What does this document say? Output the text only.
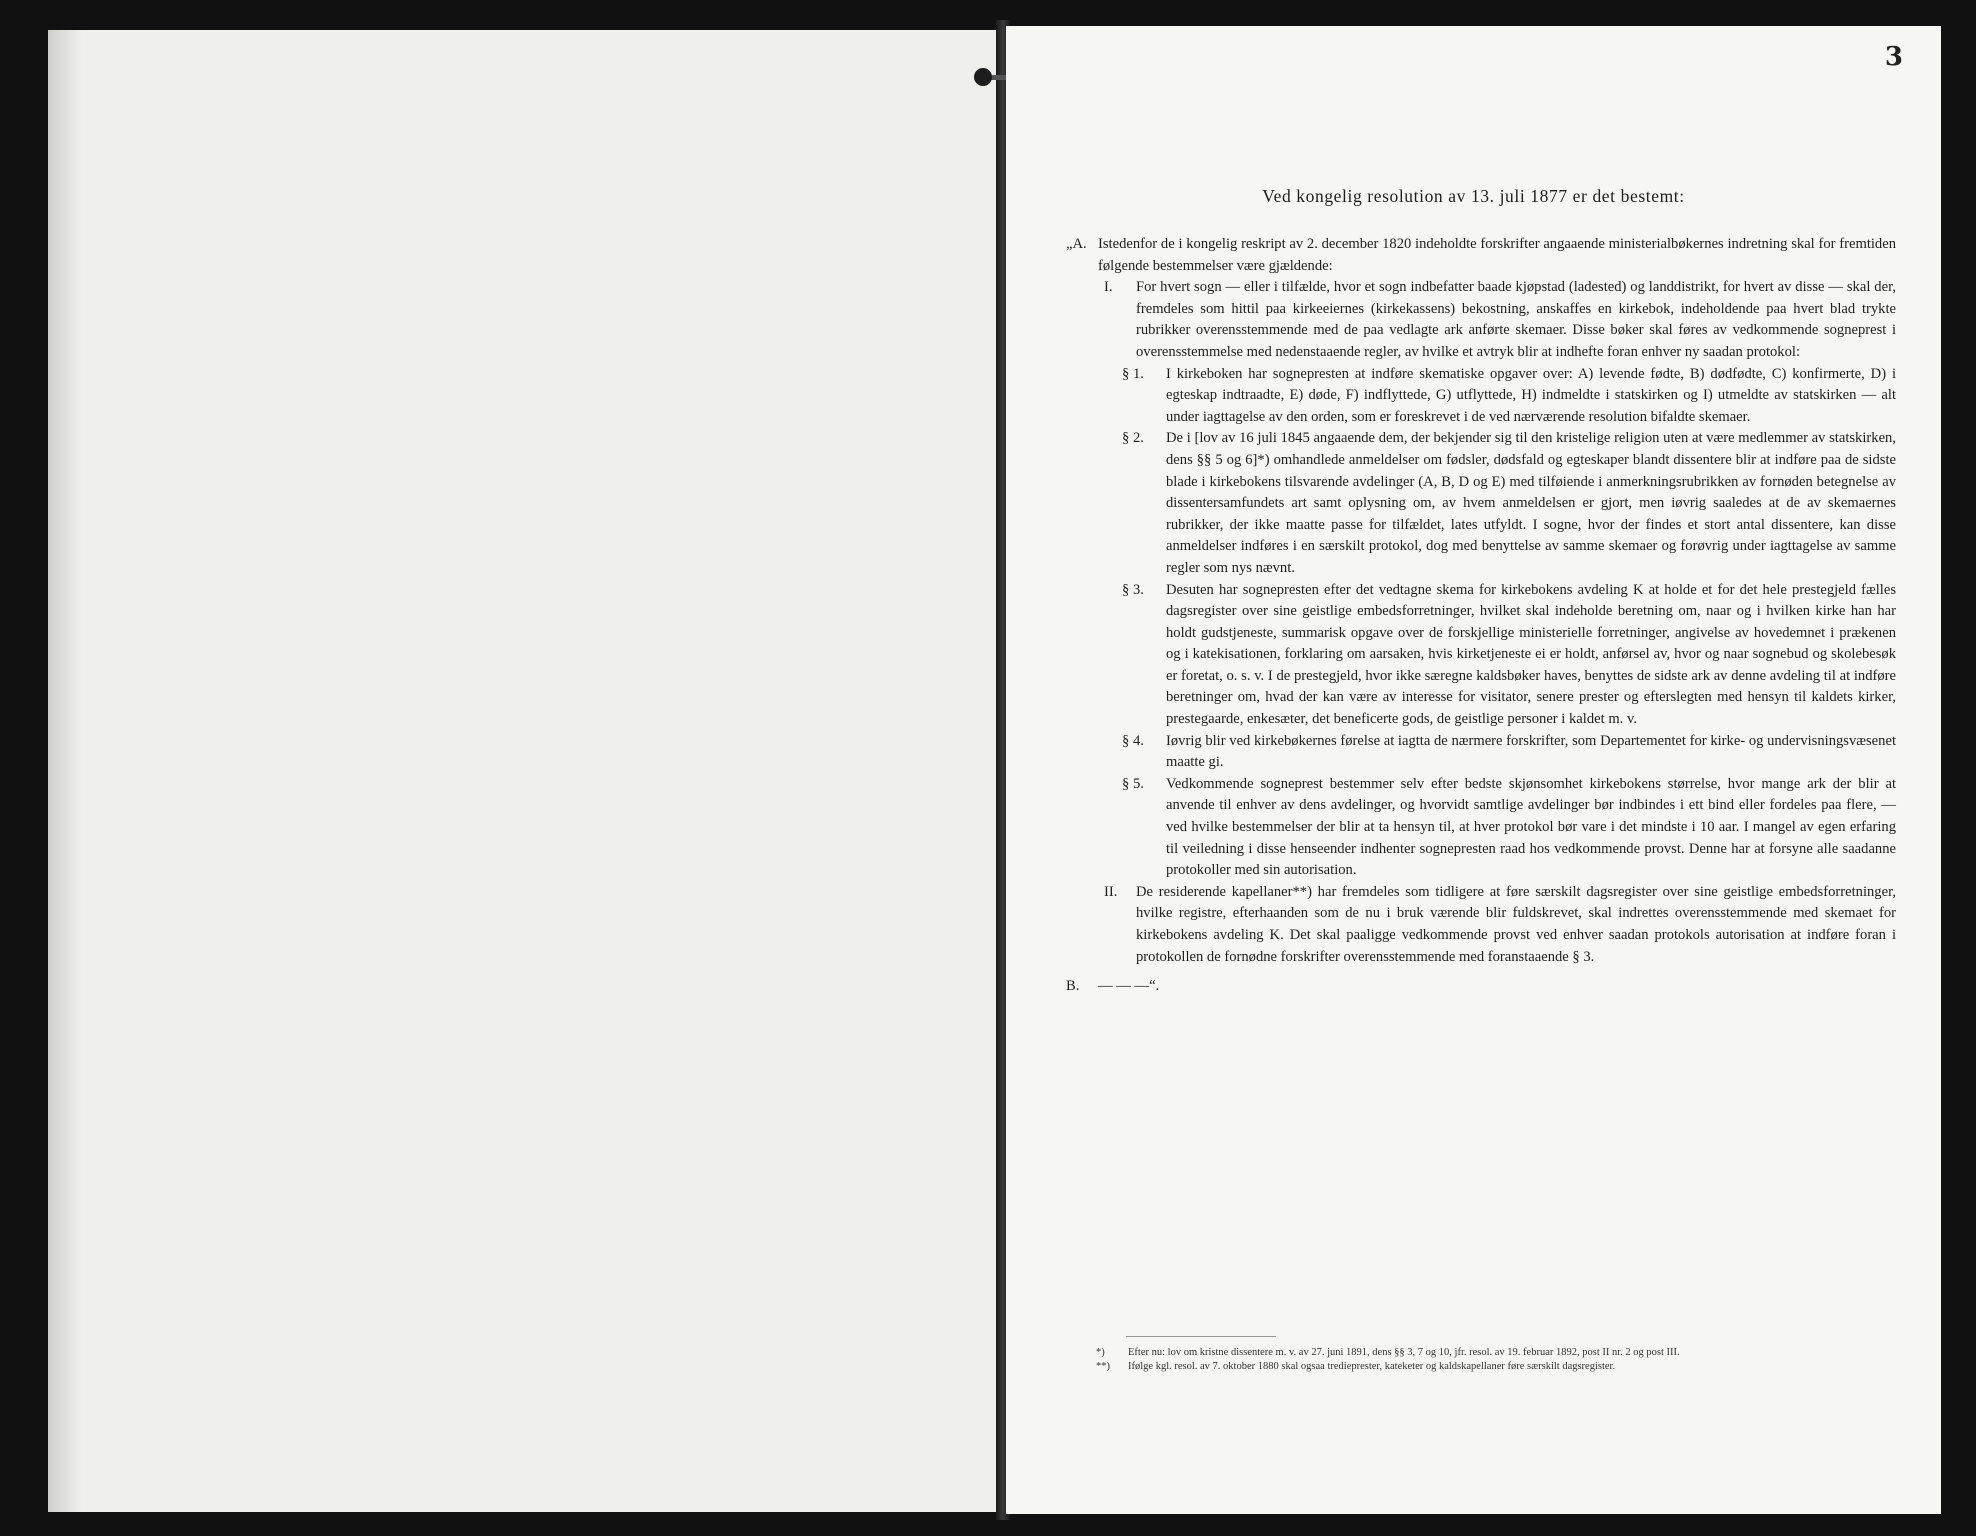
3
Ved kongelig resolution av 13. juli 1877 er det bestemt:
„A. Istedenfor de i kongelig reskript av 2. december 1820 indeholdte forskrifter angaaende ministerialbøkernes indretning skal for fremtiden følgende bestemmelser være gjældende:
I. For hvert sogn — eller i tilfælde, hvor et sogn indbefatter baade kjøpstad (ladested) og landdistrikt, for hvert av disse — skal der, fremdeles som hittil paa kirkeeiernes (kirkekassens) bekostning, anskaffes en kirkebok, indeholdende paa hvert blad trykte rubrikker overensstemmende med de paa vedlagte ark anførte skemaer. Disse bøker skal føres av vedkommende sogneprest i overensstemmelse med nedenstaaende regler, av hvilke et avtryk blir at indhefte foran enhver ny saadan protokol:
§ 1. I kirkeboken har sognepresten at indføre skematiske opgaver over: A) levende fødte, B) dødfødte, C) konfirmerte, D) i egteskap indtraadte, E) døde, F) indflyttede, G) utflyttede, H) indmeldte i statskirken og I) utmeldte av statskirken — alt under iagttagelse av den orden, som er foreskrevet i de ved nærværende resolution bifaldte skemaer.
§ 2. De i [lov av 16 juli 1845 angaaende dem, der bekjender sig til den kristelige religion uten at være medlemmer av statskirken, dens §§ 5 og 6]*) omhandlede anmeldelser om fødsler, dødsfald og egteskaper blandt dissentere blir at indføre paa de sidste blade i kirkebokens tilsvarende avdelinger (A, B, D og E) med tilføiende i anmerkningsrubrikken av fornøden betegnelse av dissentersamfundets art samt oplysning om, av hvem anmeldelsen er gjort, men iøvrig saaledes at de av skemaernes rubrikker, der ikke maatte passe for tilfældet, lates utfyldt. I sogne, hvor der findes et stort antal dissentere, kan disse anmeldelser indføres i en særskilt protokol, dog med benyttelse av samme skemaer og forøvrig under iagttagelse av samme regler som nys nævnt.
§ 3. Desuten har sognepresten efter det vedtagne skema for kirkebokens avdeling K at holde et for det hele prestegjeld fælles dagsregister over sine geistlige embedsforretninger, hvilket skal indeholde beretning om, naar og i hvilken kirke han har holdt gudstjeneste, summarisk opgave over de forskjellige ministerielle forretninger, angivelse av hovedemnet i prækenen og i katekisationen, forklaring om aarsaken, hvis kirketjeneste ei er holdt, anførsel av, hvor og naar sognebud og skolebesøk er foretat, o. s. v. I de prestegjeld, hvor ikke særegne kaldsbøker haves, benyttes de sidste ark av denne avdeling til at indføre beretninger om, hvad der kan være av interesse for visitator, senere prester og efterslegten med hensyn til kaldets kirker, prestegaarde, enkesæter, det beneficerte gods, de geistlige personer i kaldet m. v.
§ 4. Iøvrig blir ved kirkebøkernes førelse at iagtta de nærmere forskrifter, som Departementet for kirke- og undervisningsvæsenet maatte gi.
§ 5. Vedkommende sogneprest bestemmer selv efter bedste skjønsomhet kirkebokens størrelse, hvor mange ark der blir at anvende til enhver av dens avdelinger, og hvorvidt samtlige avdelinger bør indbindes i ett bind eller fordeles paa flere, — ved hvilke bestemmelser der blir at ta hensyn til, at hver protokol bør vare i det mindste i 10 aar. I mangel av egen erfaring til veiledning i disse henseender indhenter sognepresten raad hos vedkommende provst. Denne har at forsyne alle saadanne protokoller med sin autorisation.
II. De residerende kapellaner**) har fremdeles som tidligere at føre særskilt dagsregister over sine geistlige embedsforretninger, hvilke registre, efterhaanden som de nu i bruk værende blir fuldskrevet, skal indrettes overensstemmende med skemaet for kirkebokens avdeling K. Det skal paaligge vedkommende provst ved enhver saadan protokols autorisation at indføre foran i protokollen de fornødne forskrifter overensstemmende med foranstaaende § 3.
B. — — —“.
*) Efter nu: lov om kristne dissentere m. v. av 27. juni 1891, dens §§ 3, 7 og 10, jfr. resol. av 19. februar 1892, post II nr. 2 og post III.
**) Ifølge kgl. resol. av 7. oktober 1880 skal ogsaa tredieprester, kateketer og kaldskapellaner føre særskilt dagsregister.
